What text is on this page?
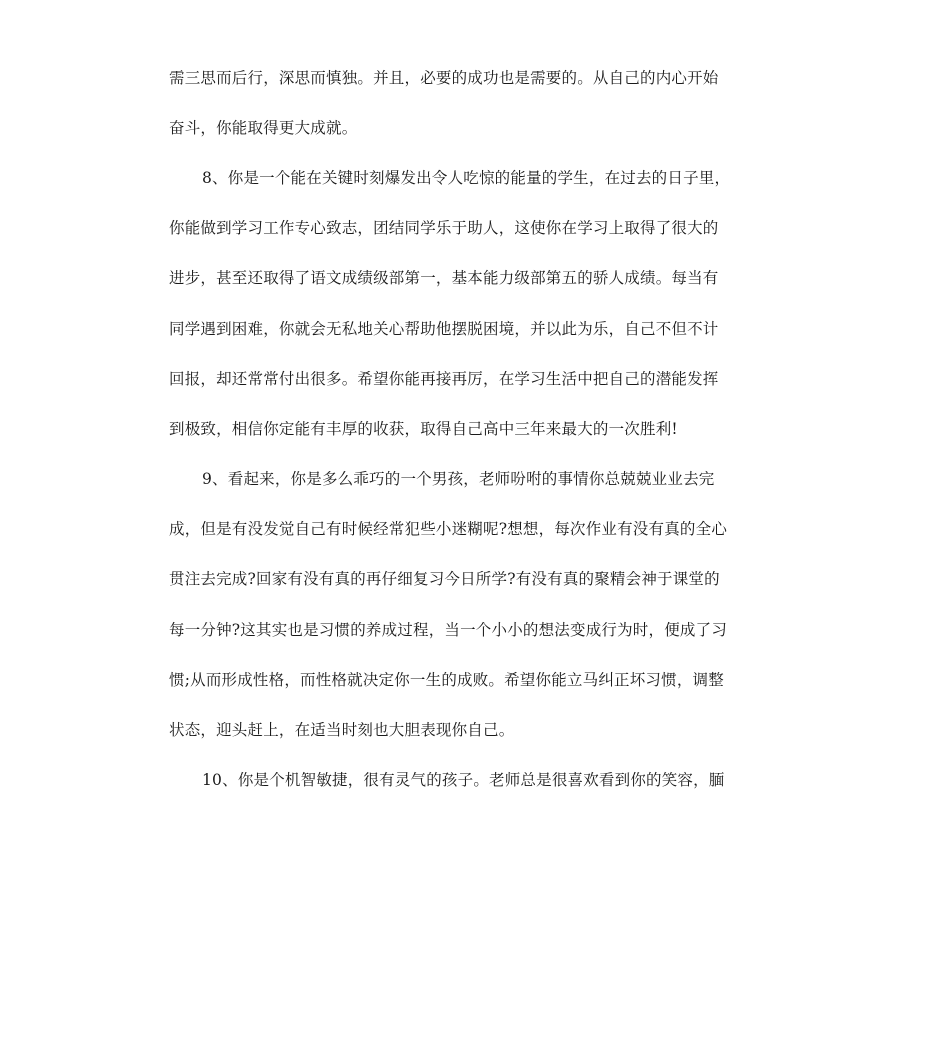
需三思而后行，深思而慎独。并且，必要的成功也是需要的。从自己的内心开始
奋斗，你能取得更大成就。
8、你是一个能在关键时刻爆发出令人吃惊的能量的学生，在过去的日子里，
你能做到学习工作专心致志，团结同学乐于助人，这使你在学习上取得了很大的
进步，甚至还取得了语文成绩级部第一，基本能力级部第五的骄人成绩。每当有
同学遇到困难，你就会无私地关心帮助他摆脱困境，并以此为乐，自己不但不计
回报，却还常常付出很多。希望你能再接再厉，在学习生活中把自己的潜能发挥
到极致，相信你定能有丰厚的收获，取得自己高中三年来最大的一次胜利!
9、看起来，你是多么乖巧的一个男孩，老师吩咐的事情你总兢兢业业去完
成，但是有没发觉自己有时候经常犯些小迷糊呢?想想，每次作业有没有真的全心
贯注去完成?回家有没有真的再仔细复习今日所学?有没有真的聚精会神于课堂的
每一分钟?这其实也是习惯的养成过程，当一个小小的想法变成行为时，便成了习
惯;从而形成性格，而性格就决定你一生的成败。希望你能立马纠正坏习惯，调整
状态，迎头赶上，在适当时刻也大胆表现你自己。
10、你是个机智敏捷，很有灵气的孩子。老师总是很喜欢看到你的笑容，腼
